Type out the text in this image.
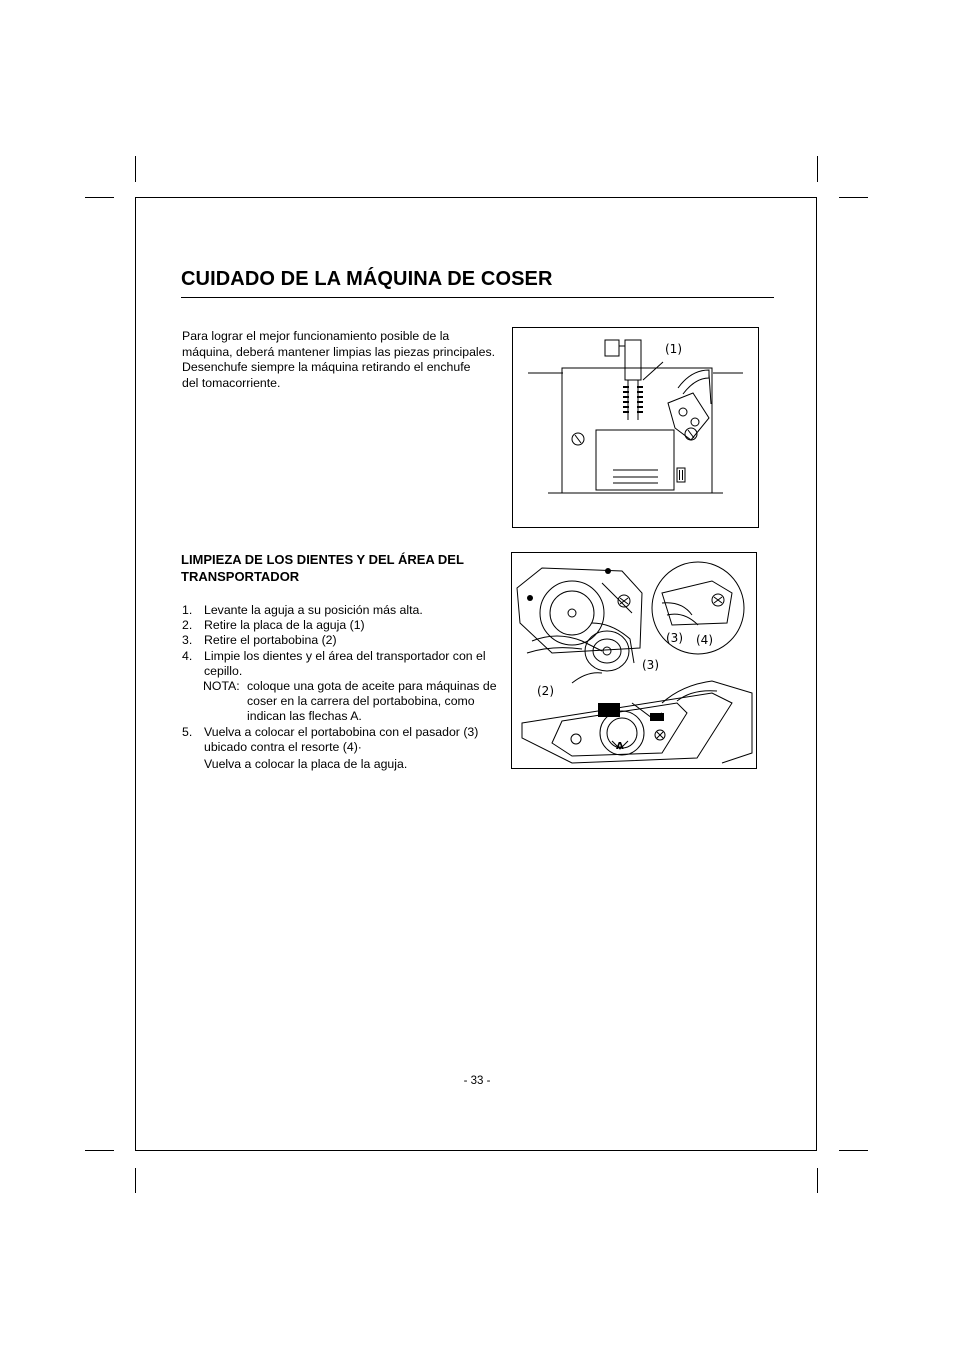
CUIDADO DE LA MÁQUINA DE COSER

Para lograr el mejor funcionamiento posible de la
máquina, deberá mantener limpias las piezas principales.
Desenchufe siempre la máquina retirando el enchufe
del tomacorriente.

(1)
LIMPIEZA DE LOS DIENTES Y DEL ÁREA DEL
TRANSPORTADOR
1. Levante la aguja a su posición más alta.
2. Retire la placa de la aguja (1)
3. Retire el portabobina (2)
4. Limpie los dientes y el área del transportador con el
cepillo.
NOTA: coloque una gota de aceite para máquinas de
coser en la carrera del portabobina, como
indican las flechas A.
5. Vuelva a colocar el portabobina con el pasador (3)
ubicado contra el resorte (4)·
Vuelva a colocar la placa de la aguja.
(3) (4)
(3)
(2)
A
- 33 -
